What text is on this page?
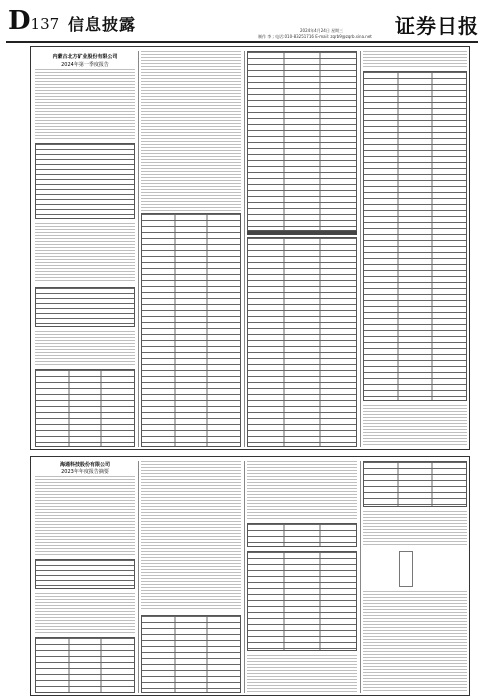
D137 信息披露	2024年4月24日 星期三
制作 李 ; 电话:010-83251716 E-mail: zqrb9@zqrb.sina.net 证券日报
内蒙古北方矿业股份有限公司
2024年第一季度报告
海通科技股份有限公司
2023年年度报告摘要
